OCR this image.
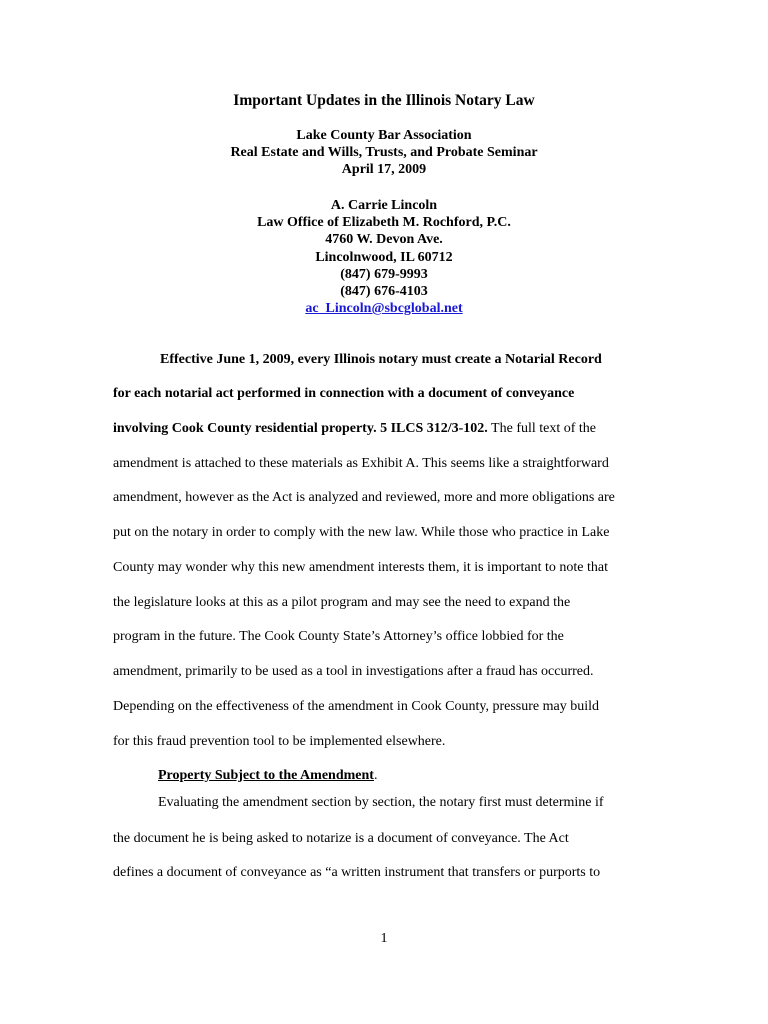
Important Updates in the Illinois Notary Law
Lake County Bar Association
Real Estate and Wills, Trusts, and Probate Seminar
April 17, 2009
A. Carrie Lincoln
Law Office of Elizabeth M. Rochford, P.C.
4760 W. Devon Ave.
Lincolnwood, IL 60712
(847) 679-9993
(847) 676-4103
ac_Lincoln@sbcglobal.net
Effective June 1, 2009, every Illinois notary must create a Notarial Record
for each notarial act performed in connection with a document of conveyance
involving Cook County residential property. 5 ILCS 312/3-102. The full text of the
amendment is attached to these materials as Exhibit A. This seems like a straightforward
amendment, however as the Act is analyzed and reviewed, more and more obligations are
put on the notary in order to comply with the new law. While those who practice in Lake
County may wonder why this new amendment interests them, it is important to note that
the legislature looks at this as a pilot program and may see the need to expand the
program in the future. The Cook County State’s Attorney’s office lobbied for the
amendment, primarily to be used as a tool in investigations after a fraud has occurred.
Depending on the effectiveness of the amendment in Cook County, pressure may build
for this fraud prevention tool to be implemented elsewhere.
Property Subject to the Amendment.
Evaluating the amendment section by section, the notary first must determine if
the document he is being asked to notarize is a document of conveyance. The Act
defines a document of conveyance as “a written instrument that transfers or purports to
1
